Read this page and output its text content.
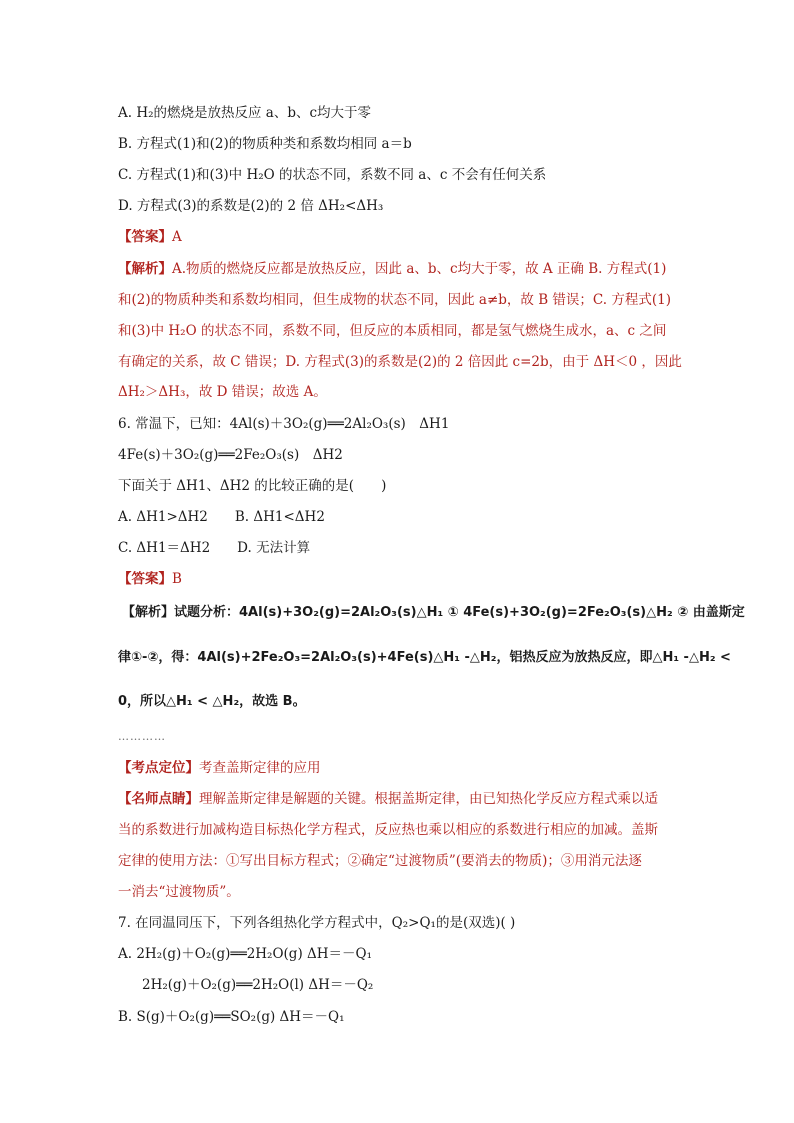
A. H₂的燃烧是放热反应 a、b、c均大于零
B. 方程式(1)和(2)的物质种类和系数均相同 a＝b
C. 方程式(1)和(3)中 H₂O 的状态不同，系数不同 a、c 不会有任何关系
D. 方程式(3)的系数是(2)的 2 倍 ΔH₂<ΔH₃
【答案】A
【解析】A.物质的燃烧反应都是放热反应，因此 a、b、c均大于零，故 A 正确 B. 方程式(1)
和(2)的物质种类和系数均相同，但生成物的状态不同，因此 a≠b，故 B 错误；C. 方程式(1)
和(3)中 H₂O 的状态不同，系数不同，但反应的本质相同，都是氢气燃烧生成水，a、c 之间
有确定的关系，故 C 错误；D. 方程式(3)的系数是(2)的 2 倍因此 c=2b，由于 ΔH＜0 ，因此
ΔH₂＞ΔH₃，故 D 错误；故选 A。
6. 常温下，已知：4Al(s)＋3O₂(g)══2Al₂O₃(s)　ΔH1
4Fe(s)＋3O₂(g)══2Fe₂O₃(s)　ΔH2
下面关于 ΔH1、ΔH2 的比较正确的是(　　)
A. ΔH1>ΔH2　　B. ΔH1<ΔH2
C. ΔH1＝ΔH2　　D. 无法计算
【答案】B
【解析】试题分析：4Al(s)+3O₂(g)=2Al₂O₃(s)△H₁ ① 4Fe(s)+3O₂(g)=2Fe₂O₃(s)△H₂ ② 由盖斯定
律①-②，得：4Al(s)+2Fe₂O₃=2Al₂O₃(s)+4Fe(s)△H₁ -△H₂，铝热反应为放热反应，即△H₁ -△H₂ <
0，所以△H₁ < △H₂，故选 B。
…………
【考点定位】考查盖斯定律的应用
【名师点睛】理解盖斯定律是解题的关键。根据盖斯定律，由已知热化学反应方程式乘以适
当的系数进行加减构造目标热化学方程式，反应热也乘以相应的系数进行相应的加减。盖斯
定律的使用方法：①写出目标方程式；②确定“过渡物质”(要消去的物质)；③用消元法逐
一消去“过渡物质”。
7. 在同温同压下，下列各组热化学方程式中，Q₂>Q₁的是(双选)( )
A. 2H₂(g)＋O₂(g)══2H₂O(g) ΔH＝－Q₁
2H₂(g)＋O₂(g)══2H₂O(l) ΔH＝－Q₂
B. S(g)＋O₂(g)══SO₂(g) ΔH＝－Q₁
